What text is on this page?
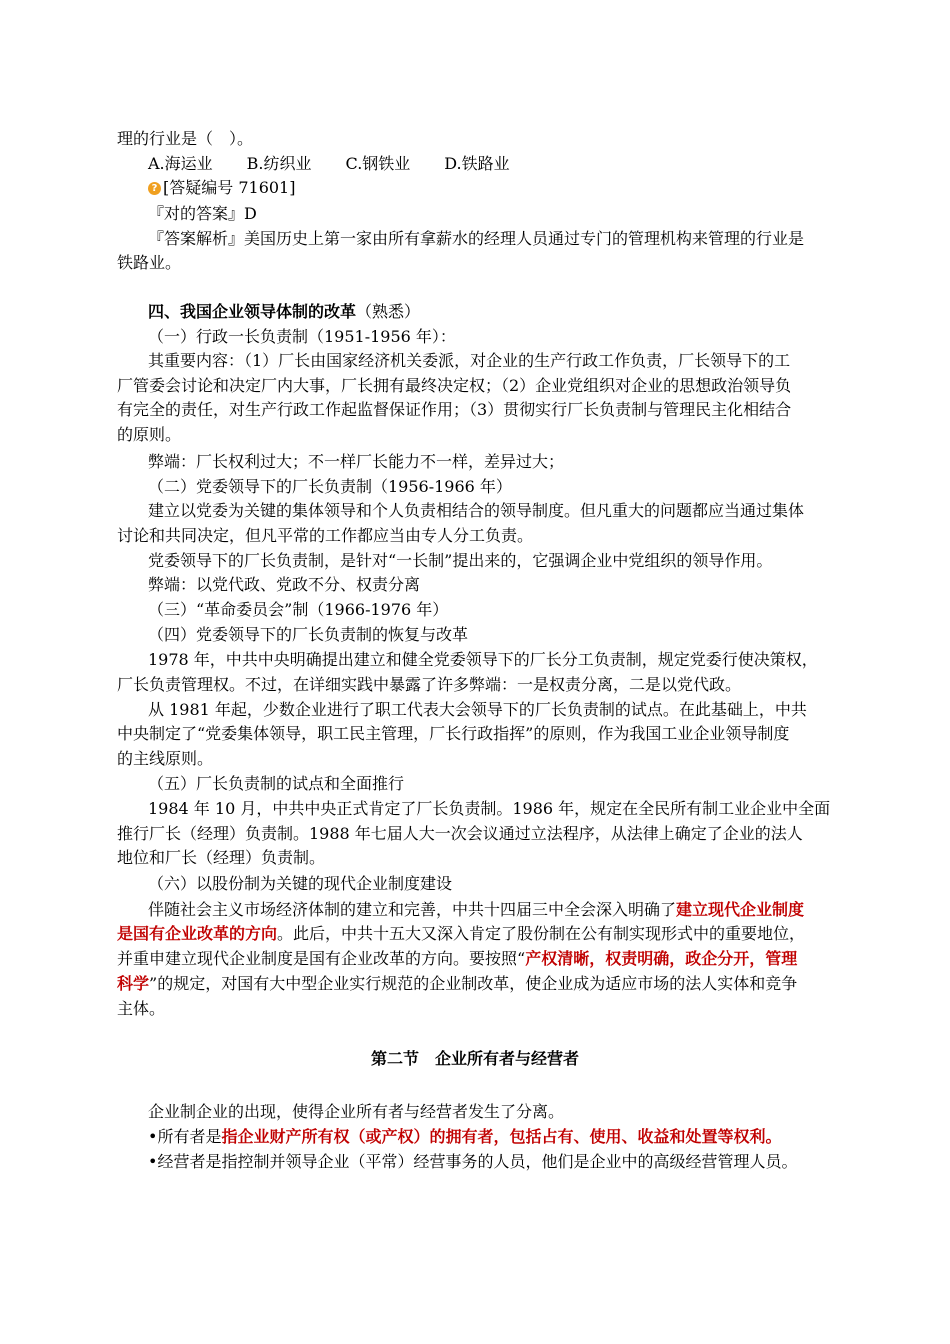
理的行业是（　）。
A.海运业 B.纺织业 C.钢铁业 D.铁路业
? [答疑编号 71601]
『对的答案』D
『答案解析』美国历史上第一家由所有拿薪水的经理人员通过专门的管理机构来管理的行业是
铁路业。
四、我国企业领导体制的改革（熟悉）
（一）行政一长负责制（1951-1956 年）：
其重要内容：（1）厂长由国家经济机关委派，对企业的生产行政工作负责，厂长领导下的工
厂管委会讨论和决定厂内大事，厂长拥有最终决定权；（2）企业党组织对企业的思想政治领导负
有完全的责任，对生产行政工作起监督保证作用；（3）贯彻实行厂长负责制与管理民主化相结合
的原则。
弊端：厂长权利过大；不一样厂长能力不一样，差异过大；
（二）党委领导下的厂长负责制（1956-1966 年）
建立以党委为关键的集体领导和个人负责相结合的领导制度。但凡重大的问题都应当通过集体
讨论和共同决定，但凡平常的工作都应当由专人分工负责。
党委领导下的厂长负责制，是针对“一长制”提出来的，它强调企业中党组织的领导作用。
弊端：以党代政、党政不分、权责分离
（三）“革命委员会”制（1966-1976 年）
（四）党委领导下的厂长负责制的恢复与改革
1978 年，中共中央明确提出建立和健全党委领导下的厂长分工负责制，规定党委行使决策权，
厂长负责管理权。不过，在详细实践中暴露了许多弊端：一是权责分离，二是以党代政。
从 1981 年起，少数企业进行了职工代表大会领导下的厂长负责制的试点。在此基础上，中共
中央制定了“党委集体领导，职工民主管理，厂长行政指挥”的原则，作为我国工业企业领导制度
的主线原则。
（五）厂长负责制的试点和全面推行
1984 年 10 月，中共中央正式肯定了厂长负责制。1986 年，规定在全民所有制工业企业中全面
推行厂长（经理）负责制。1988 年七届人大一次会议通过立法程序，从法律上确定了企业的法人
地位和厂长（经理）负责制。
（六）以股份制为关键的现代企业制度建设
伴随社会主义市场经济体制的建立和完善，中共十四届三中全会深入明确了建立现代企业制度
是国有企业改革的方向。此后，中共十五大又深入肯定了股份制在公有制实现形式中的重要地位，
并重申建立现代企业制度是国有企业改革的方向。要按照“产权清晰，权责明确，政企分开，管理
科学”的规定，对国有大中型企业实行规范的企业制改革，使企业成为适应市场的法人实体和竞争
主体。
第二节　企业所有者与经营者
企业制企业的出现，使得企业所有者与经营者发生了分离。
•所有者是指企业财产所有权（或产权）的拥有者，包括占有、使用、收益和处置等权利。
•经营者是指控制并领导企业（平常）经营事务的人员，他们是企业中的高级经营管理人员。
